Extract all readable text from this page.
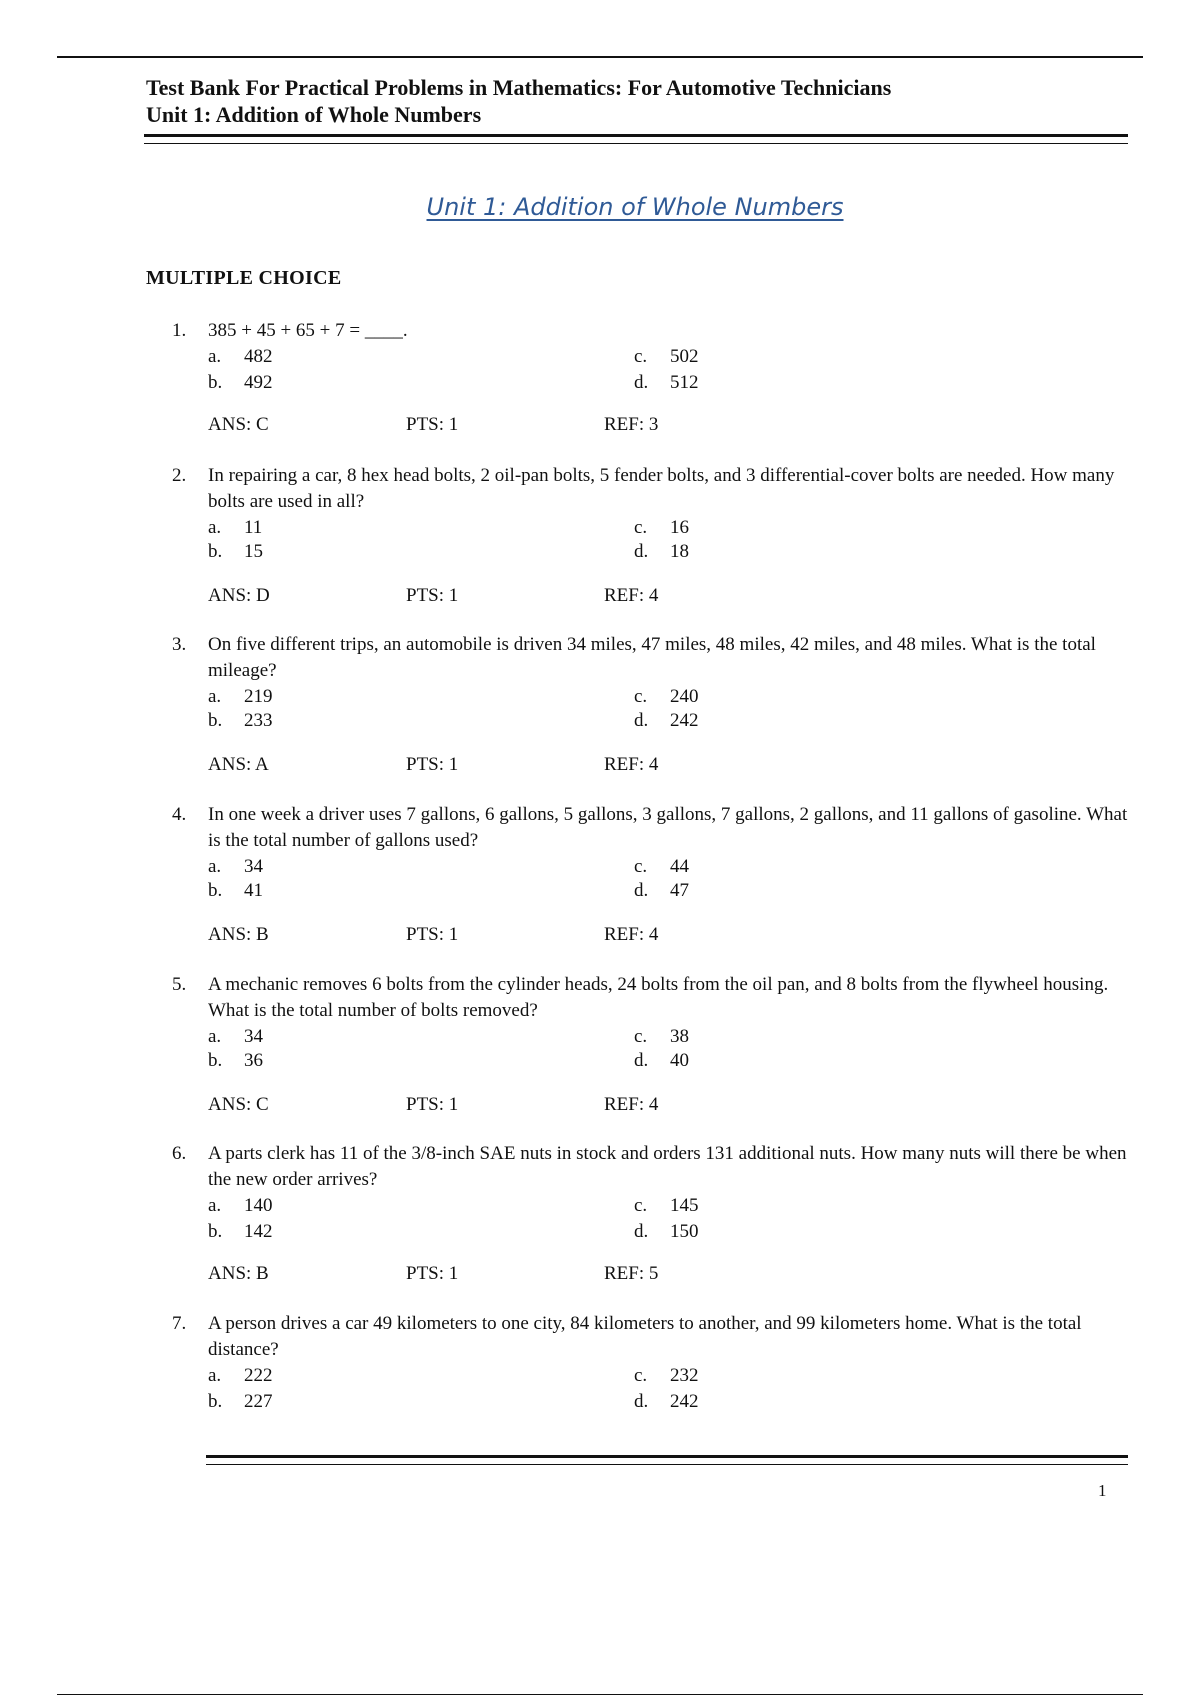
Test Bank For Practical Problems in Mathematics: For Automotive Technicians
Unit 1: Addition of Whole Numbers
Unit 1: Addition of Whole Numbers
MULTIPLE CHOICE
1. 385 + 45 + 65 + 7 = ____.
a. 482
b. 492
c. 502
d. 512
ANS: C	PTS: 1	REF: 3
2. In repairing a car, 8 hex head bolts, 2 oil-pan bolts, 5 fender bolts, and 3 differential-cover bolts are needed. How many bolts are used in all?
a. 11
b. 15
c. 16
d. 18
ANS: D	PTS: 1	REF: 4
3. On five different trips, an automobile is driven 34 miles, 47 miles, 48 miles, 42 miles, and 48 miles. What is the total mileage?
a. 219
b. 233
c. 240
d. 242
ANS: A	PTS: 1	REF: 4
4. In one week a driver uses 7 gallons, 6 gallons, 5 gallons, 3 gallons, 7 gallons, 2 gallons, and 11 gallons of gasoline. What is the total number of gallons used?
a. 34
b. 41
c. 44
d. 47
ANS: B	PTS: 1	REF: 4
5. A mechanic removes 6 bolts from the cylinder heads, 24 bolts from the oil pan, and 8 bolts from the flywheel housing. What is the total number of bolts removed?
a. 34
b. 36
c. 38
d. 40
ANS: C	PTS: 1	REF: 4
6. A parts clerk has 11 of the 3/8-inch SAE nuts in stock and orders 131 additional nuts. How many nuts will there be when the new order arrives?
a. 140
b. 142
c. 145
d. 150
ANS: B	PTS: 1	REF: 5
7. A person drives a car 49 kilometers to one city, 84 kilometers to another, and 99 kilometers home. What is the total distance?
a. 222
b. 227
c. 232
d. 242
1
